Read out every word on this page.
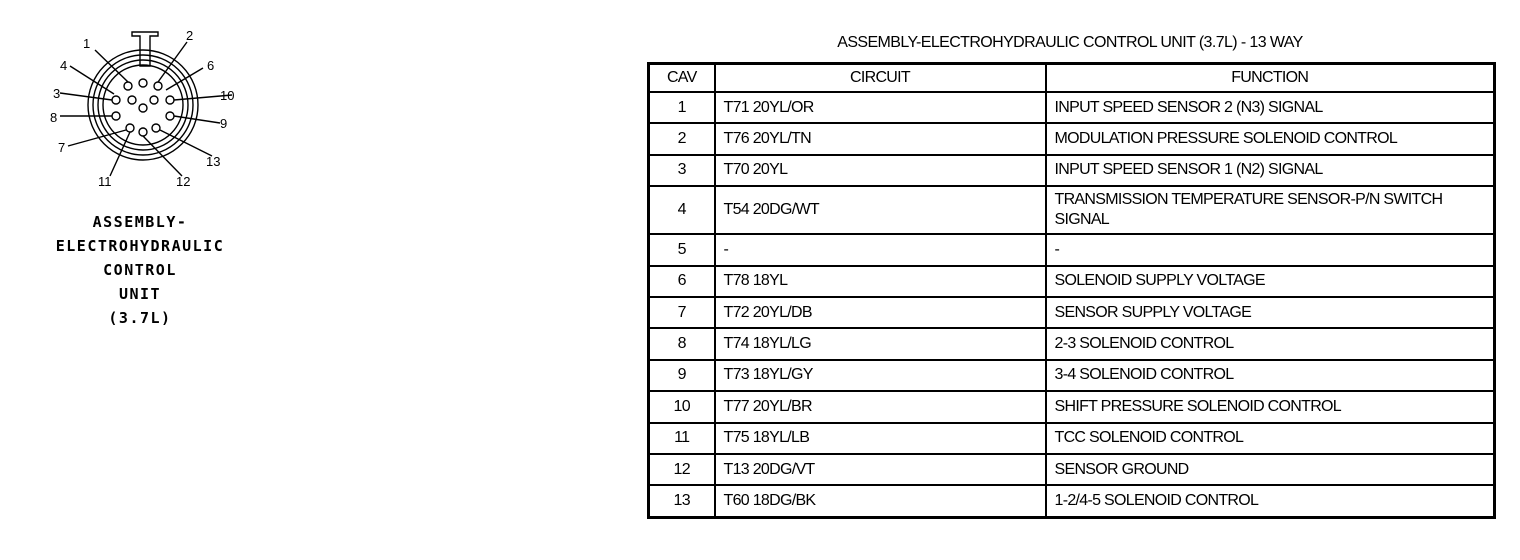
1
2
3
4	6
7
8	9
10
11	12
13
ASSEMBLY-
ELECTROHYDRAULIC
CONTROL
UNIT
(3.7L)
ASSEMBLY-ELECTROHYDRAULIC CONTROL UNIT (3.7L) - 13 WAY
CAV	CIRCUIT	FUNCTION
1	T71 20YL/OR	INPUT SPEED SENSOR 2 (N3) SIGNAL
2	T76 20YL/TN	MODULATION PRESSURE SOLENOID CONTROL
3	T70 20YL	INPUT SPEED SENSOR 1 (N2) SIGNAL
4	T54 20DG/WT	TRANSMISSION TEMPERATURE SENSOR-P/N SWITCH SIGNAL
5	-	-
6	T78 18YL	SOLENOID SUPPLY VOLTAGE
7	T72 20YL/DB	SENSOR SUPPLY VOLTAGE
8	T74 18YL/LG	2-3 SOLENOID CONTROL
9	T73 18YL/GY	3-4 SOLENOID CONTROL
10	T77 20YL/BR	SHIFT PRESSURE SOLENOID CONTROL
11	T75 18YL/LB	TCC SOLENOID CONTROL
12	T13 20DG/VT	SENSOR GROUND
13	T60 18DG/BK	1-2/4-5 SOLENOID CONTROL
